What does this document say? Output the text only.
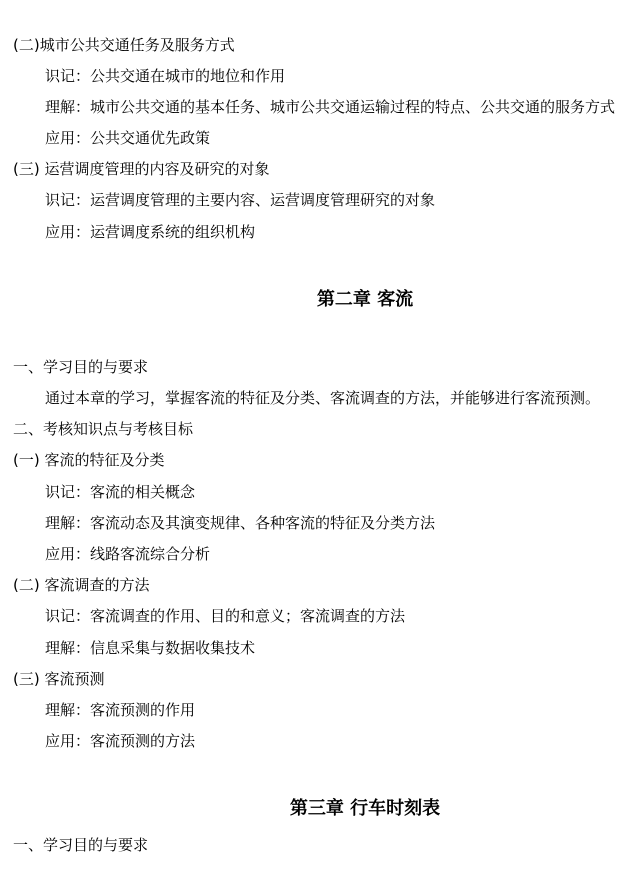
(二)城市公共交通任务及服务方式
识记：公共交通在城市的地位和作用
理解：城市公共交通的基本任务、城市公共交通运输过程的特点、公共交通的服务方式
应用：公共交通优先政策
(三) 运营调度管理的内容及研究的对象
识记：运营调度管理的主要内容、运营调度管理研究的对象
应用：运营调度系统的组织机构
第二章 客流
一、学习目的与要求
通过本章的学习，掌握客流的特征及分类、客流调查的方法，并能够进行客流预测。
二、考核知识点与考核目标
(一) 客流的特征及分类
识记：客流的相关概念
理解：客流动态及其演变规律、各种客流的特征及分类方法
应用：线路客流综合分析
(二) 客流调查的方法
识记：客流调查的作用、目的和意义；客流调查的方法
理解：信息采集与数据收集技术
(三) 客流预测
理解：客流预测的作用
应用：客流预测的方法
第三章 行车时刻表
一、学习目的与要求
